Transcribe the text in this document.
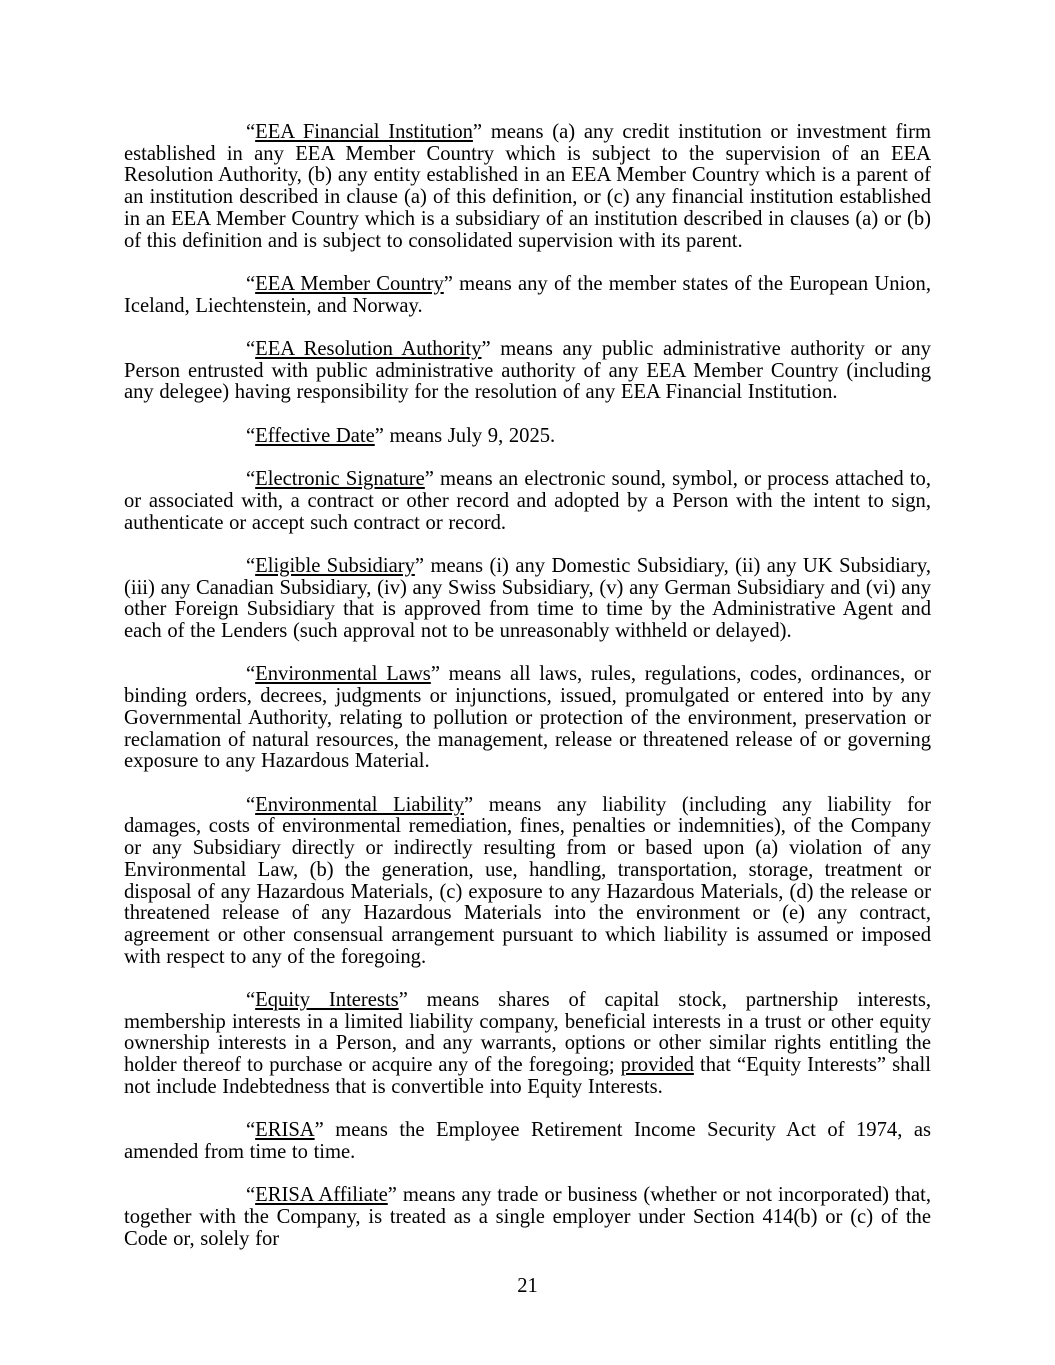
“EEA Financial Institution” means (a) any credit institution or investment firm established in any EEA Member Country which is subject to the supervision of an EEA Resolution Authority, (b) any entity established in an EEA Member Country which is a parent of an institution described in clause (a) of this definition, or (c) any financial institution established in an EEA Member Country which is a subsidiary of an institution described in clauses (a) or (b) of this definition and is subject to consolidated supervision with its parent.

“EEA Member Country” means any of the member states of the European Union, Iceland, Liechtenstein, and Norway.

“EEA Resolution Authority” means any public administrative authority or any Person entrusted with public administrative authority of any EEA Member Country (including any delegee) having responsibility for the resolution of any EEA Financial Institution.

“Effective Date” means July 9, 2025.

“Electronic Signature” means an electronic sound, symbol, or process attached to, or associated with, a contract or other record and adopted by a Person with the intent to sign, authenticate or accept such contract or record.

“Eligible Subsidiary” means (i) any Domestic Subsidiary, (ii) any UK Subsidiary, (iii) any Canadian Subsidiary, (iv) any Swiss Subsidiary, (v) any German Subsidiary and (vi) any other Foreign Subsidiary that is approved from time to time by the Administrative Agent and each of the Lenders (such approval not to be unreasonably withheld or delayed).

“Environmental Laws” means all laws, rules, regulations, codes, ordinances, or binding orders, decrees, judgments or injunctions, issued, promulgated or entered into by any Governmental Authority, relating to pollution or protection of the environment, preservation or reclamation of natural resources, the management, release or threatened release of or governing exposure to any Hazardous Material.

“Environmental Liability” means any liability (including any liability for damages, costs of environmental remediation, fines, penalties or indemnities), of the Company or any Subsidiary directly or indirectly resulting from or based upon (a) violation of any Environmental Law, (b) the generation, use, handling, transportation, storage, treatment or disposal of any Hazardous Materials, (c) exposure to any Hazardous Materials, (d) the release or threatened release of any Hazardous Materials into the environment or (e) any contract, agreement or other consensual arrangement pursuant to which liability is assumed or imposed with respect to any of the foregoing.

“Equity Interests” means shares of capital stock, partnership interests, membership interests in a limited liability company, beneficial interests in a trust or other equity ownership interests in a Person, and any warrants, options or other similar rights entitling the holder thereof to purchase or acquire any of the foregoing; provided that “Equity Interests” shall not include Indebtedness that is convertible into Equity Interests.

“ERISA” means the Employee Retirement Income Security Act of 1974, as amended from time to time.

“ERISA Affiliate” means any trade or business (whether or not incorporated) that, together with the Company, is treated as a single employer under Section 414(b) or (c) of the Code or, solely for

21
